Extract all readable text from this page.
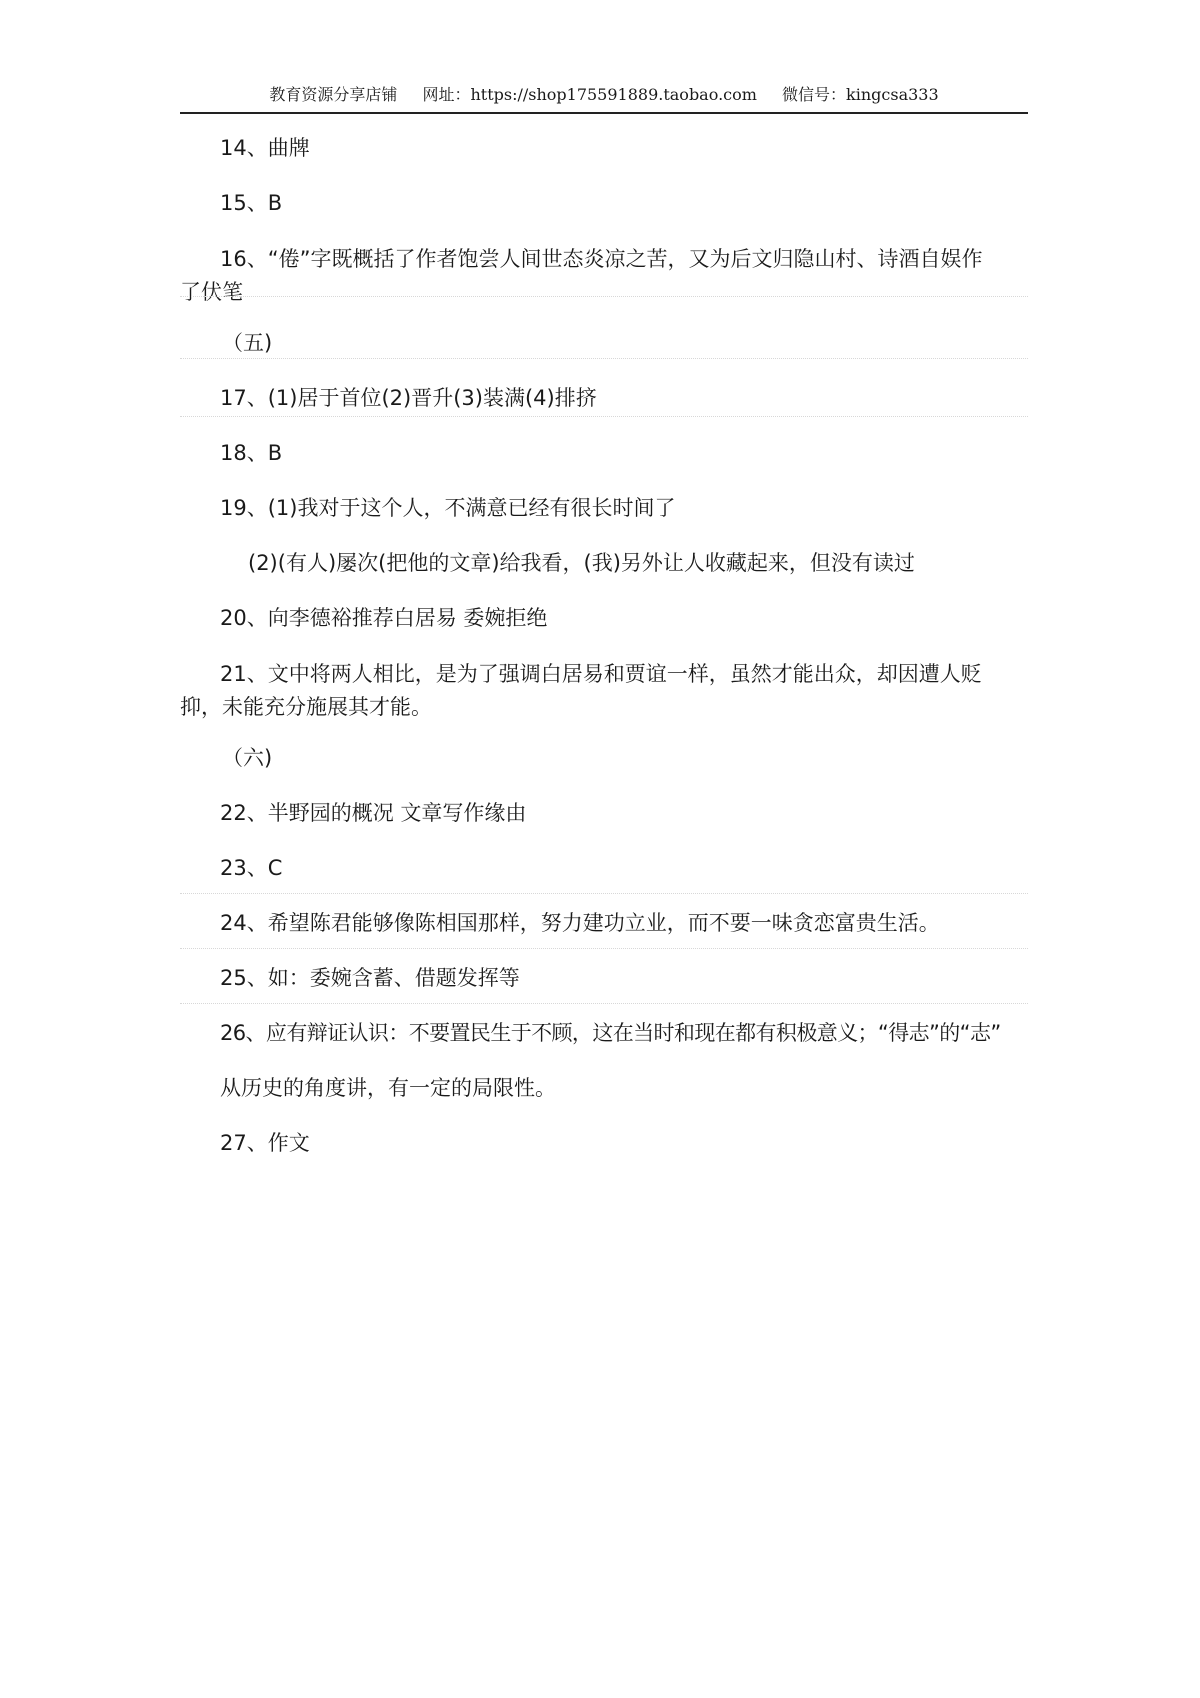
教育资源分享店铺 网址：https://shop175591889.taobao.com 微信号：kingcsa333
14、曲牌
15、B
16、“倦”字既概括了作者饱尝人间世态炎凉之苦，又为后文归隐山村、诗酒自娱作了伏笔
（五)
17、(1)居于首位(2)晋升(3)装满(4)排挤
18、B
19、(1)我对于这个人，不满意已经有很长时间了
(2)(有人)屡次(把他的文章)给我看，(我)另外让人收藏起来，但没有读过
20、向李德裕推荐白居易 委婉拒绝
21、文中将两人相比，是为了强调白居易和贾谊一样，虽然才能出众，却因遭人贬抑，未能充分施展其才能。
（六)
22、半野园的概况 文章写作缘由
23、C
24、希望陈君能够像陈相国那样，努力建功立业，而不要一味贪恋富贵生活。
25、如：委婉含蓄、借题发挥等
26、应有辩证认识：不要置民生于不顾，这在当时和现在都有积极意义；“得志”的“志”
从历史的角度讲，有一定的局限性。
27、作文
